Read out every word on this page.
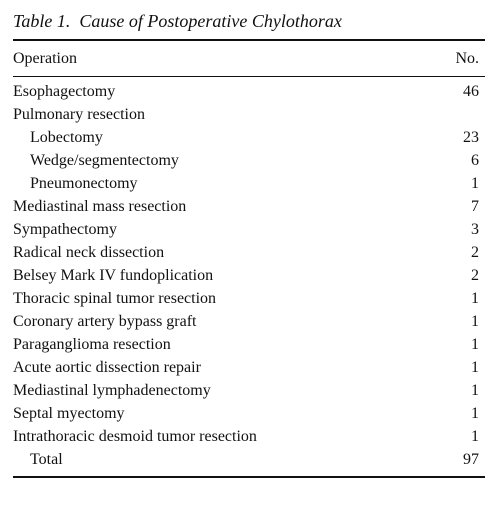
Table 1. Cause of Postoperative Chylothorax

Operation	No.
Esophagectomy	46
Pulmonary resection
Lobectomy	23
Wedge/segmentectomy	6
Pneumonectomy	1
Mediastinal mass resection	7
Sympathectomy	3
Radical neck dissection	2
Belsey Mark IV fundoplication	2
Thoracic spinal tumor resection	1
Coronary artery bypass graft	1
Paraganglioma resection	1
Acute aortic dissection repair	1
Mediastinal lymphadenectomy	1
Septal myectomy	1
Intrathoracic desmoid tumor resection	1
Total	97
